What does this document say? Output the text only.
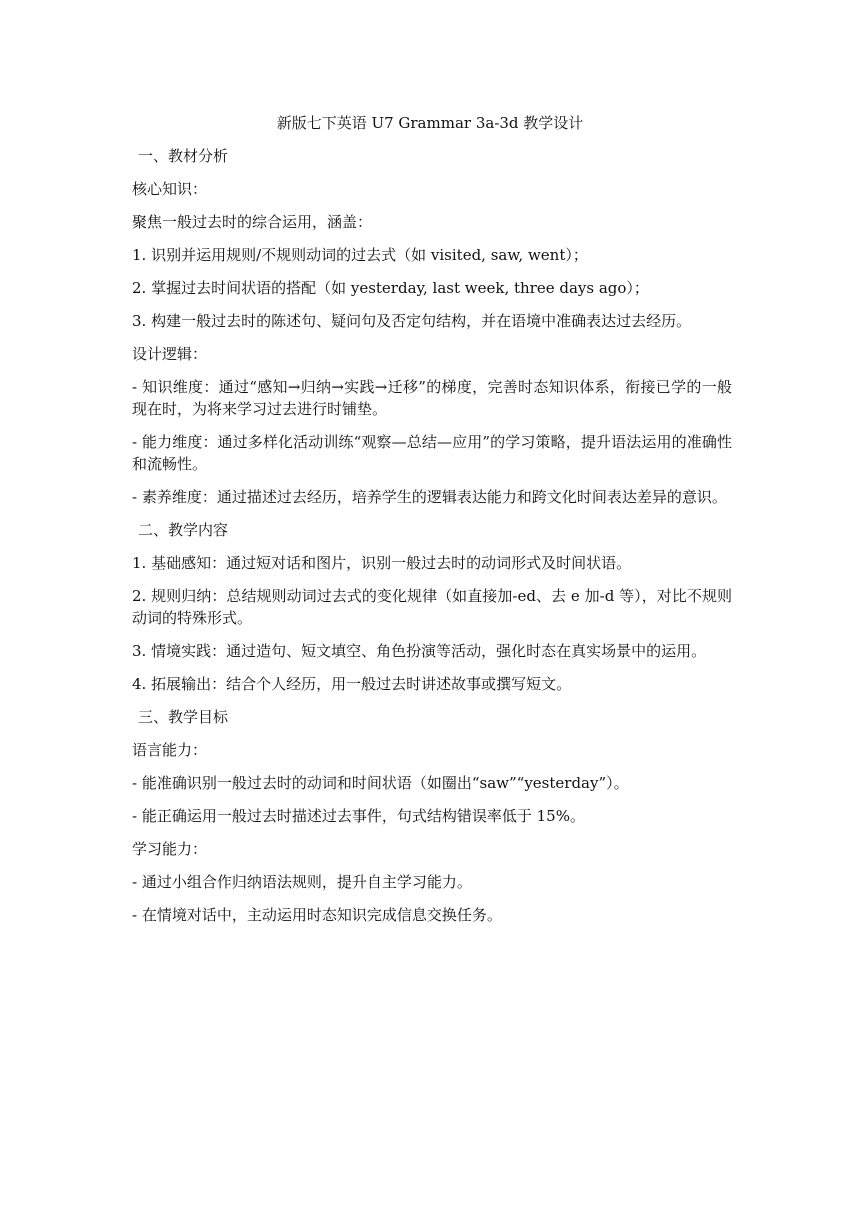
新版七下英语 U7 Grammar 3a-3d 教学设计
一、教材分析
核心知识：
聚焦一般过去时的综合运用，涵盖：
1. 识别并运用规则/不规则动词的过去式（如 visited, saw, went）；
2. 掌握过去时间状语的搭配（如 yesterday, last week, three days ago）；
3. 构建一般过去时的陈述句、疑问句及否定句结构，并在语境中准确表达过去经历。
设计逻辑：
- 知识维度：通过“感知→归纳→实践→迁移”的梯度，完善时态知识体系，衔接已学的一般现在时，为将来学习过去进行时铺垫。
- 能力维度：通过多样化活动训练“观察—总结—应用”的学习策略，提升语法运用的准确性和流畅性。
- 素养维度：通过描述过去经历，培养学生的逻辑表达能力和跨文化时间表达差异的意识。
二、教学内容
1. 基础感知：通过短对话和图片，识别一般过去时的动词形式及时间状语。
2. 规则归纳：总结规则动词过去式的变化规律（如直接加-ed、去 e 加-d 等），对比不规则动词的特殊形式。
3. 情境实践：通过造句、短文填空、角色扮演等活动，强化时态在真实场景中的运用。
4. 拓展输出：结合个人经历，用一般过去时讲述故事或撰写短文。
三、教学目标
语言能力：
- 能准确识别一般过去时的动词和时间状语（如圈出“saw”“yesterday”）。
- 能正确运用一般过去时描述过去事件，句式结构错误率低于 15%。
学习能力：
- 通过小组合作归纳语法规则，提升自主学习能力。
- 在情境对话中，主动运用时态知识完成信息交换任务。
